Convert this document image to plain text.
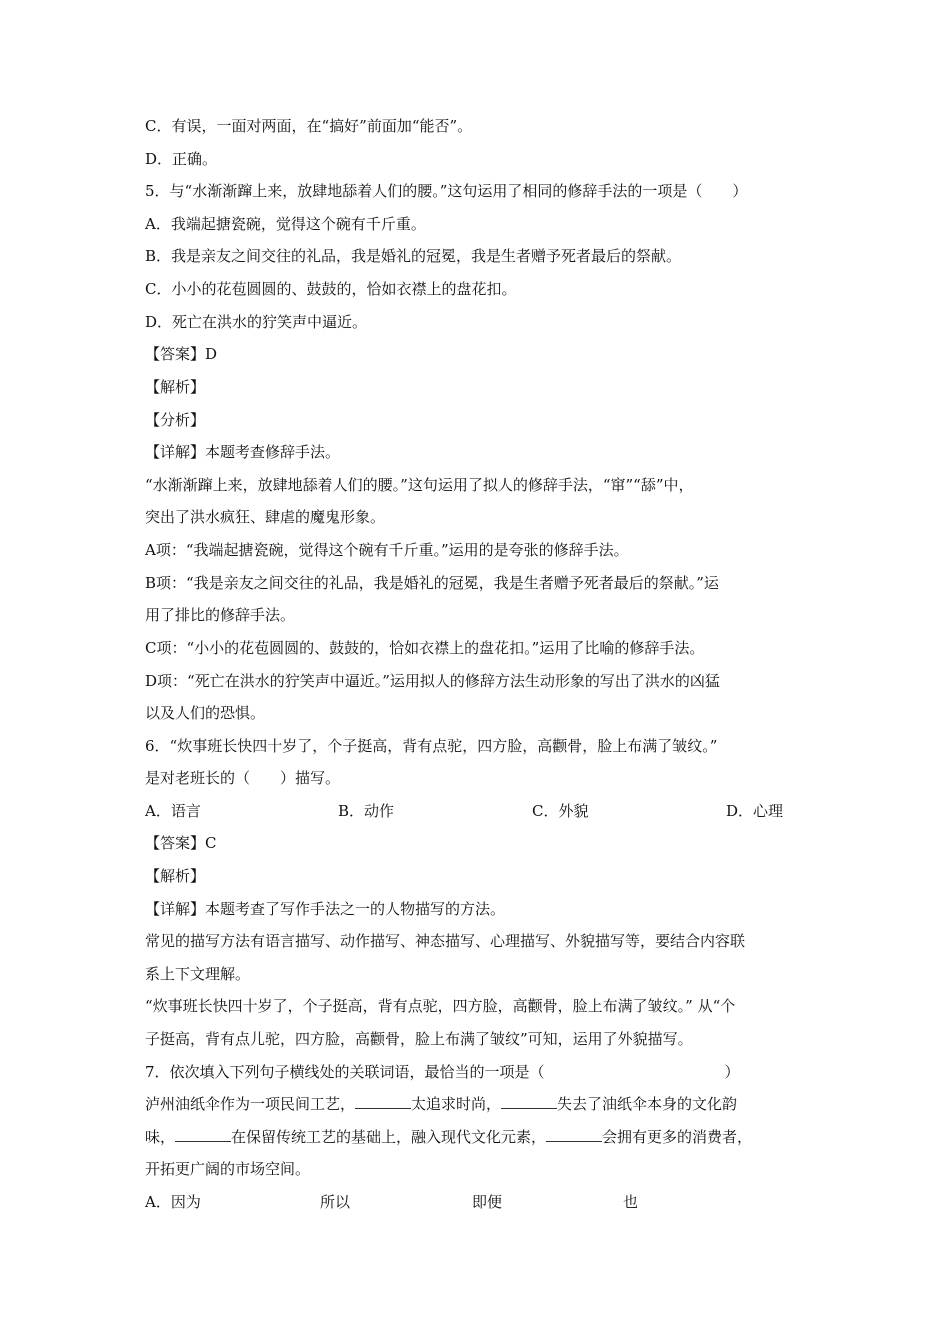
C．有误，一面对两面，在“搞好”前面加“能否”。
D．正确。
5．与“水渐渐蹿上来，放肆地舔着人们的腰。”这句运用了相同的修辞手法的一项是（　　）
A．我端起搪瓷碗，觉得这个碗有千斤重。
B．我是亲友之间交往的礼品，我是婚礼的冠冕，我是生者赠予死者最后的祭献。
C．小小的花苞圆圆的、鼓鼓的，恰如衣襟上的盘花扣。
D．死亡在洪水的狞笑声中逼近。
【答案】D
【解析】
【分析】
【详解】本题考查修辞手法。
“水渐渐蹿上来，放肆地舔着人们的腰。”这句运用了拟人的修辞手法，“窜”“舔”中，
突出了洪水疯狂、肆虐的魔鬼形象。
A项：“我端起搪瓷碗，觉得这个碗有千斤重。”运用的是夸张的修辞手法。
B项：“我是亲友之间交往的礼品，我是婚礼的冠冕，我是生者赠予死者最后的祭献。”运
用了排比的修辞手法。
C项：“小小的花苞圆圆的、鼓鼓的，恰如衣襟上的盘花扣。”运用了比喻的修辞手法。
D项：“死亡在洪水的狞笑声中逼近。”运用拟人的修辞方法生动形象的写出了洪水的凶猛
以及人们的恐惧。
6．“炊事班长快四十岁了，个子挺高，背有点驼，四方脸，高颧骨，脸上布满了皱纹。”
是对老班长的（　　）描写。
A．语言	B．动作	C．外貌	D．心理
【答案】C
【解析】
【详解】本题考查了写作手法之一的人物描写的方法。
常见的描写方法有语言描写、动作描写、神态描写、心理描写、外貌描写等，要结合内容联
系上下文理解。
“炊事班长快四十岁了，个子挺高，背有点驼，四方脸，高颧骨，脸上布满了皱纹。” 从“个
子挺高，背有点儿驼，四方脸，高颧骨，脸上布满了皱纹”可知，运用了外貌描写。
7．依次填入下列句子横线处的关联词语，最恰当的一项是（	）
泸州油纸伞作为一项民间工艺，	太追求时尚，	失去了油纸伞本身的文化韵
味，	在保留传统工艺的基础上，融入现代文化元素，	会拥有更多的消费者，
开拓更广阔的市场空间。
A．因为	所以	即便	也
